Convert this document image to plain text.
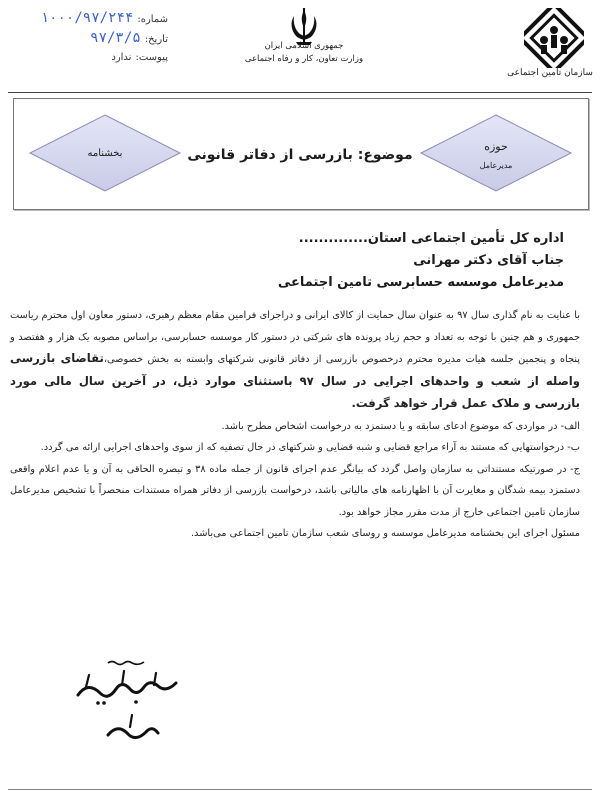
شماره:
۱۰۰۰/۹۷/۲۴۴
تاریخ:
۹۷/۳/۵
پیوست:
ندارد
جمهوری اسلامی ایران
وزارت تعاون، کار و رفاه اجتماعی
سازمان تامین اجتماعی
بخشنامه
حوزه
مدیرعامل
موضوع: بازرسی از دفاتر قانونی
اداره کل تأمین اجتماعی استان..............
جناب آقای دکتر مهرانی
مدیرعامل موسسه حسابرسی تامین اجتماعی

با عنایت به نام گذاری سال ۹۷ به عنوان سال حمایت از کالای ایرانی و دراجرای فرامین مقام معظم رهبری، دستور معاون اول محترم ریاست جمهوری و هم چنین با توجه به تعداد و حجم زیاد پرونده های شرکتی در دستور کار موسسه حسابرسی، براساس مصوبه یک هزار و هفتصد و پنجاه و پنجمین جلسه هیات مدیره محترم درخصوص بازرسی از دفاتر قانونی شرکتهای وابسته به بخش خصوصی،تقاضای بازرسی واصله از شعب و واحدهای اجرایی در سال ۹۷ باستثنای موارد ذیل، در آخرین سال مالی مورد بازرسی و ملاک عمل قرار خواهد گرفت.

الف- در مواردی که موضوع ادعای سابقه و یا دستمزد به درخواست اشخاص مطرح باشد.

ب- درخواستهایی که مستند به آراء مراجع قضایی و شبه قضایی و شرکتهای در حال تصفیه که از سوی واحدهای اجرایی ارائه می گردد.

ج- در صورتیکه مستنداتی به سازمان واصل گردد که بیانگر عدم اجرای قانون از جمله ماده ۳۸ و تبصره الحاقی به آن و یا عدم اعلام واقعی دستمزد بیمه شدگان و مغایرت آن با اظهارنامه های مالیاتی باشد، درخواست بازرسی از دفاتر همراه مستندات منحصراً با تشخیص مدیرعامل سازمان تامین اجتماعی خارج از مدت مقرر مجاز خواهد بود.

مسئول اجرای این بخشنامه مدیرعامل موسسه و روسای شعب سازمان تامین اجتماعی می‌باشد.
